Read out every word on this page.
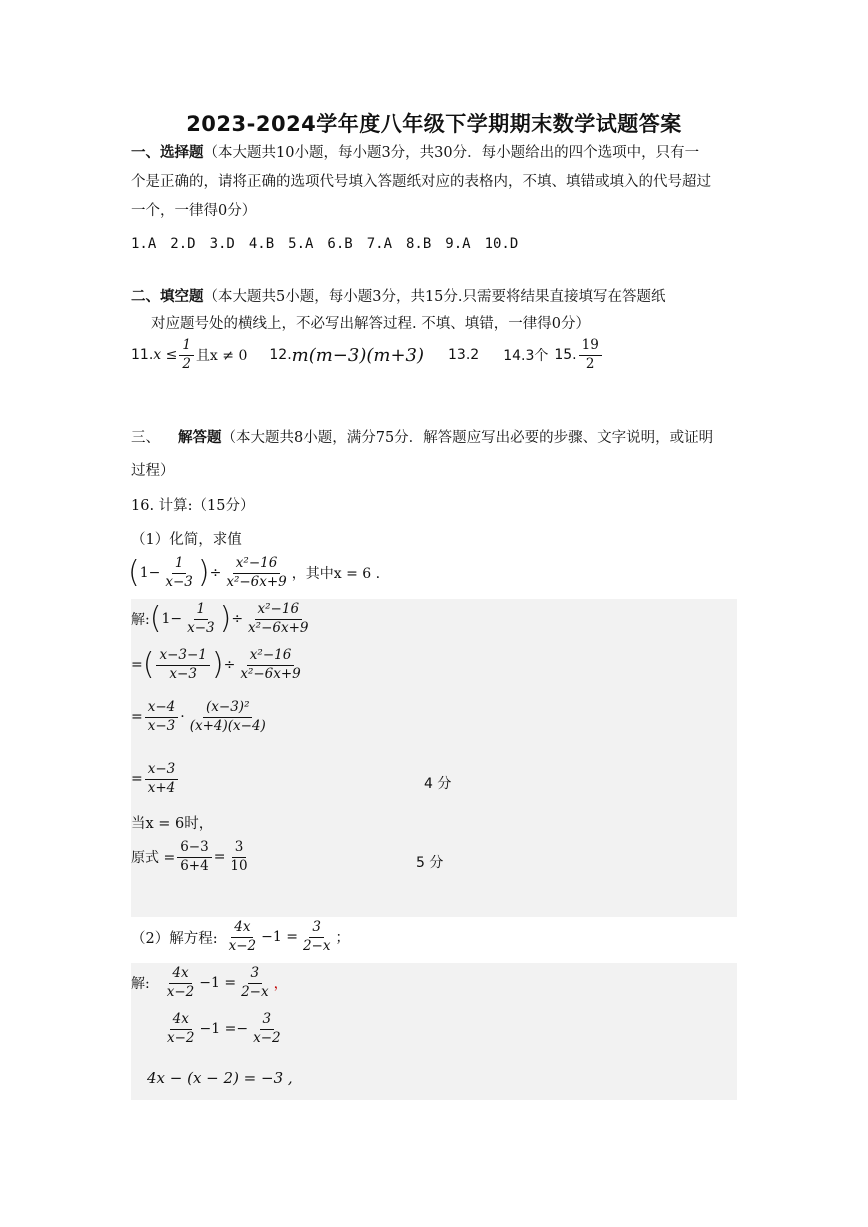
2023-2024学年度八年级下学期期末数学试题答案
一、选择题（本大题共10小题，每小题3分，共30分．每小题给出的四个选项中，只有一
个是正确的，请将正确的选项代号填入答题纸对应的表格内，不填、填错或填入的代号超过
一个，一律得0分）
1.A　2.D　3.D　4.B　5.A　6.B　7.A　8.B　9.A　10.D
二、填空题（本大题共5小题，每小题3分，共15分.只需要将结果直接填写在答题纸
对应题号处的横线上，不必写出解答过程. 不填、填错，一律得0分）
11. $x \le \frac{1}{2}$ 且x ≠ 0 12. m(m−3)(m+3) 13.2 14.3个 15. $\frac{19}{2}$
三、 解答题（本大题共8小题，满分75分．解答题应写出必要的步骤、文字说明，或证明
过程）
16. 计算:（15分）
（1）化简，求值
( $1- \frac{1}{x-3}$ ) ÷ $\frac{\text{x²−16}}{\text{x²−6x+9}}$ ，其中x = 6 .
解: ( $1- \frac{1}{x-3}$ ) ÷ $\frac{\text{x²−16}}{\text{x²−6x+9}}$
= ( $\frac{x-3-1}{x-3}$ ) ÷ $\frac{\text{x²−16}}{\text{x²−6x+9}}$
= $\frac{x-4}{x-3} \cdot \frac{\text{(x−3)²}}{(x+4)(x-4)}$
= $\frac{x-3}{x+4}$	4 分
当x = 6时，
原式 = $\frac{6-3}{6+4} = \frac{3}{10}$	5 分
（2）解方程: $\frac{4x}{x-2} -1 = \frac{3}{2-x}$ ；
解: $\frac{4x}{x-2} -1 = \frac{3}{2-x}$ ，
$\frac{4x}{x-2} -1$ = − $\frac{3}{x-2}$
4x − (x − 2) = −3 ,
